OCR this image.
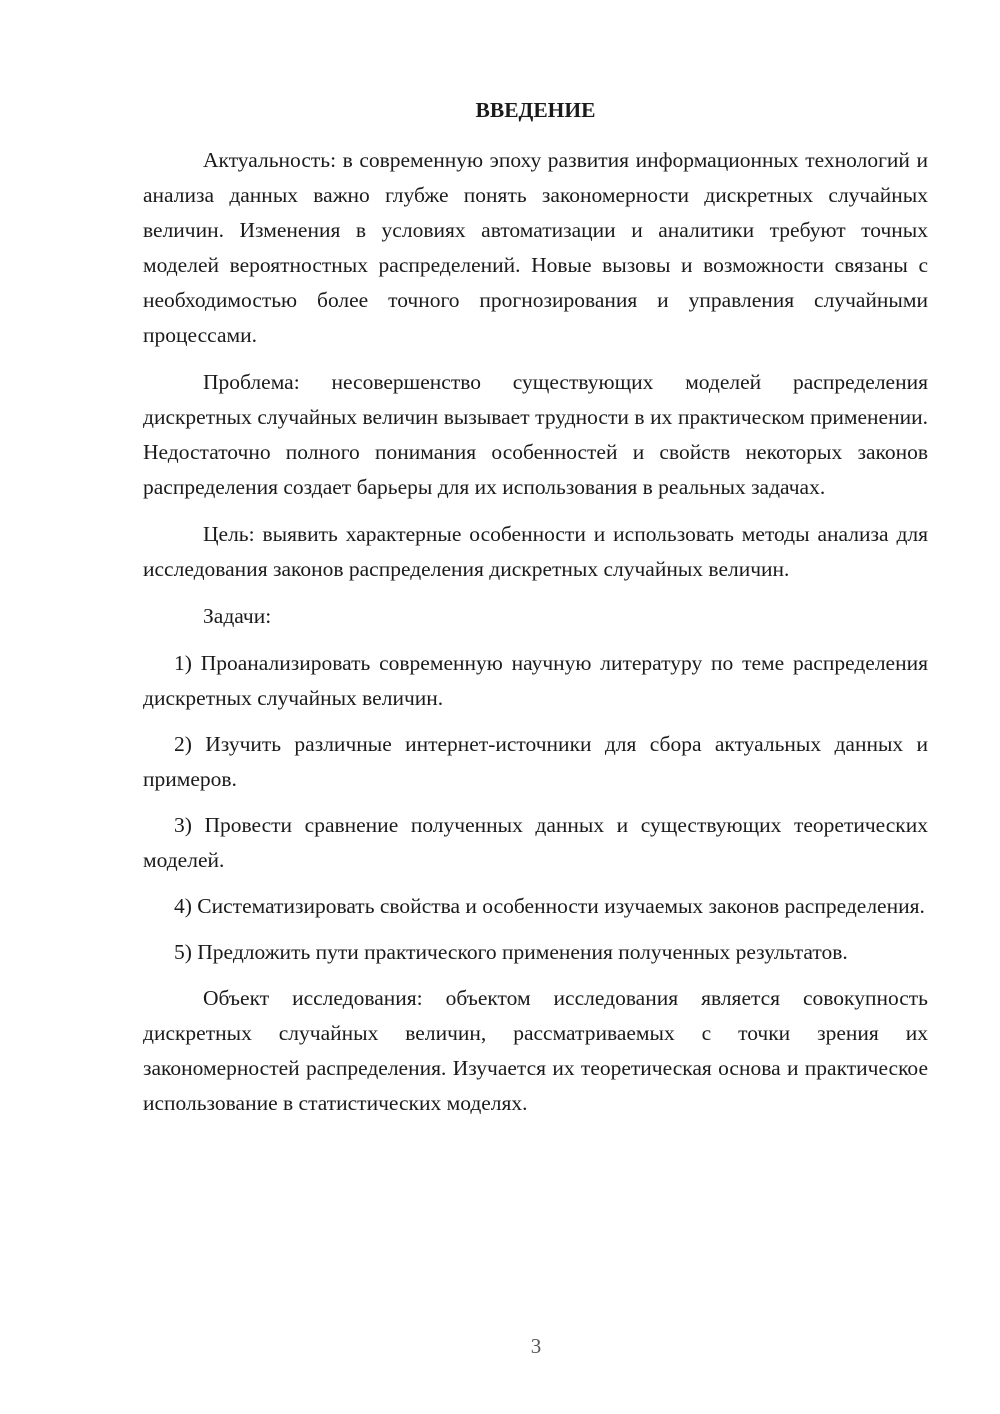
ВВЕДЕНИЕ

Актуальность: в современную эпоху развития информационных технологий и анализа данных важно глубже понять закономерности дискретных случайных величин. Изменения в условиях автоматизации и аналитики требуют точных моделей вероятностных распределений. Новые вызовы и возможности связаны с необходимостью более точного прогнозирования и управления случайными процессами.

Проблема: несовершенство существующих моделей распределения дискретных случайных величин вызывает трудности в их практическом применении. Недостаточно полного понимания особенностей и свойств некоторых законов распределения создает барьеры для их использования в реальных задачах.

Цель: выявить характерные особенности и использовать методы анализа для исследования законов распределения дискретных случайных величин.

Задачи:

1) Проанализировать современную научную литературу по теме распределения дискретных случайных величин.

2) Изучить различные интернет-источники для сбора актуальных данных и примеров.

3) Провести сравнение полученных данных и существующих теоретических моделей.

4) Систематизировать свойства и особенности изучаемых законов распределения.

5) Предложить пути практического применения полученных результатов.

Объект исследования: объектом исследования является совокупность дискретных случайных величин, рассматриваемых с точки зрения их закономерностей распределения. Изучается их теоретическая основа и практическое использование в статистических моделях.

3
